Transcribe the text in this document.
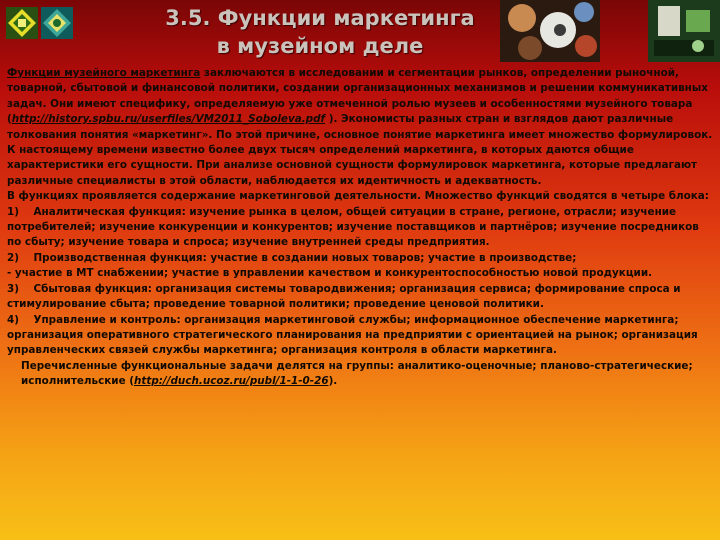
3.5. Функции маркетинга
в музейном деле

Функции музейного маркетинга заключаются в исследовании и сегментации рынков, определении рыночной, товарной, сбытовой и финансовой политики, создании организационных механизмов и решении коммуникативных задач. Они имеют специфику, определяемую уже отмеченной ролью музеев и особенностями музейного товара (http://history.spbu.ru/userfiles/VM2011_Soboleva.pdf ). Экономисты разных стран и взглядов дают различные толкования понятия «маркетинг». По этой причине, основное понятие маркетинга имеет множество формулировок.

К настоящему времени известно более двух тысяч определений маркетинга, в которых даются общие характеристики его сущности. При анализе основной сущности формулировок маркетинга, которые предлагают различные специалисты в этой области, наблюдается их идентичность и адекватность.

В функциях проявляется содержание маркетинговой деятельности. Множество функций сводятся в четыре блока:

1) Аналитическая функция: изучение рынка в целом, общей ситуации в стране, регионе, отрасли; изучение потребителей; изучение конкуренции и конкурентов; изучение поставщиков и партнёров; изучение посредников по сбыту; изучение товара и спроса; изучение внутренней среды предприятия.

2) Производственная функция: участие в создании новых товаров; участие в производстве;
- участие в МТ снабжении; участие в управлении качеством и конкурентоспособностью новой продукции.

3) Сбытовая функция: организация системы товародвижения; организация сервиса; формирование спроса и стимулирование сбыта; проведение товарной политики; проведение ценовой политики.

4) Управление и контроль: организация маркетинговой службы; информационное обеспечение маркетинга; организация оперативного стратегического планирования на предприятии с ориентацией на рынок; организация управленческих связей службы маркетинга; организация контроля в области маркетинга.

Перечисленные функциональные задачи делятся на группы: аналитико-оценочные; планово-стратегические; исполнительские (http://duch.ucoz.ru/publ/1-1-0-26).
